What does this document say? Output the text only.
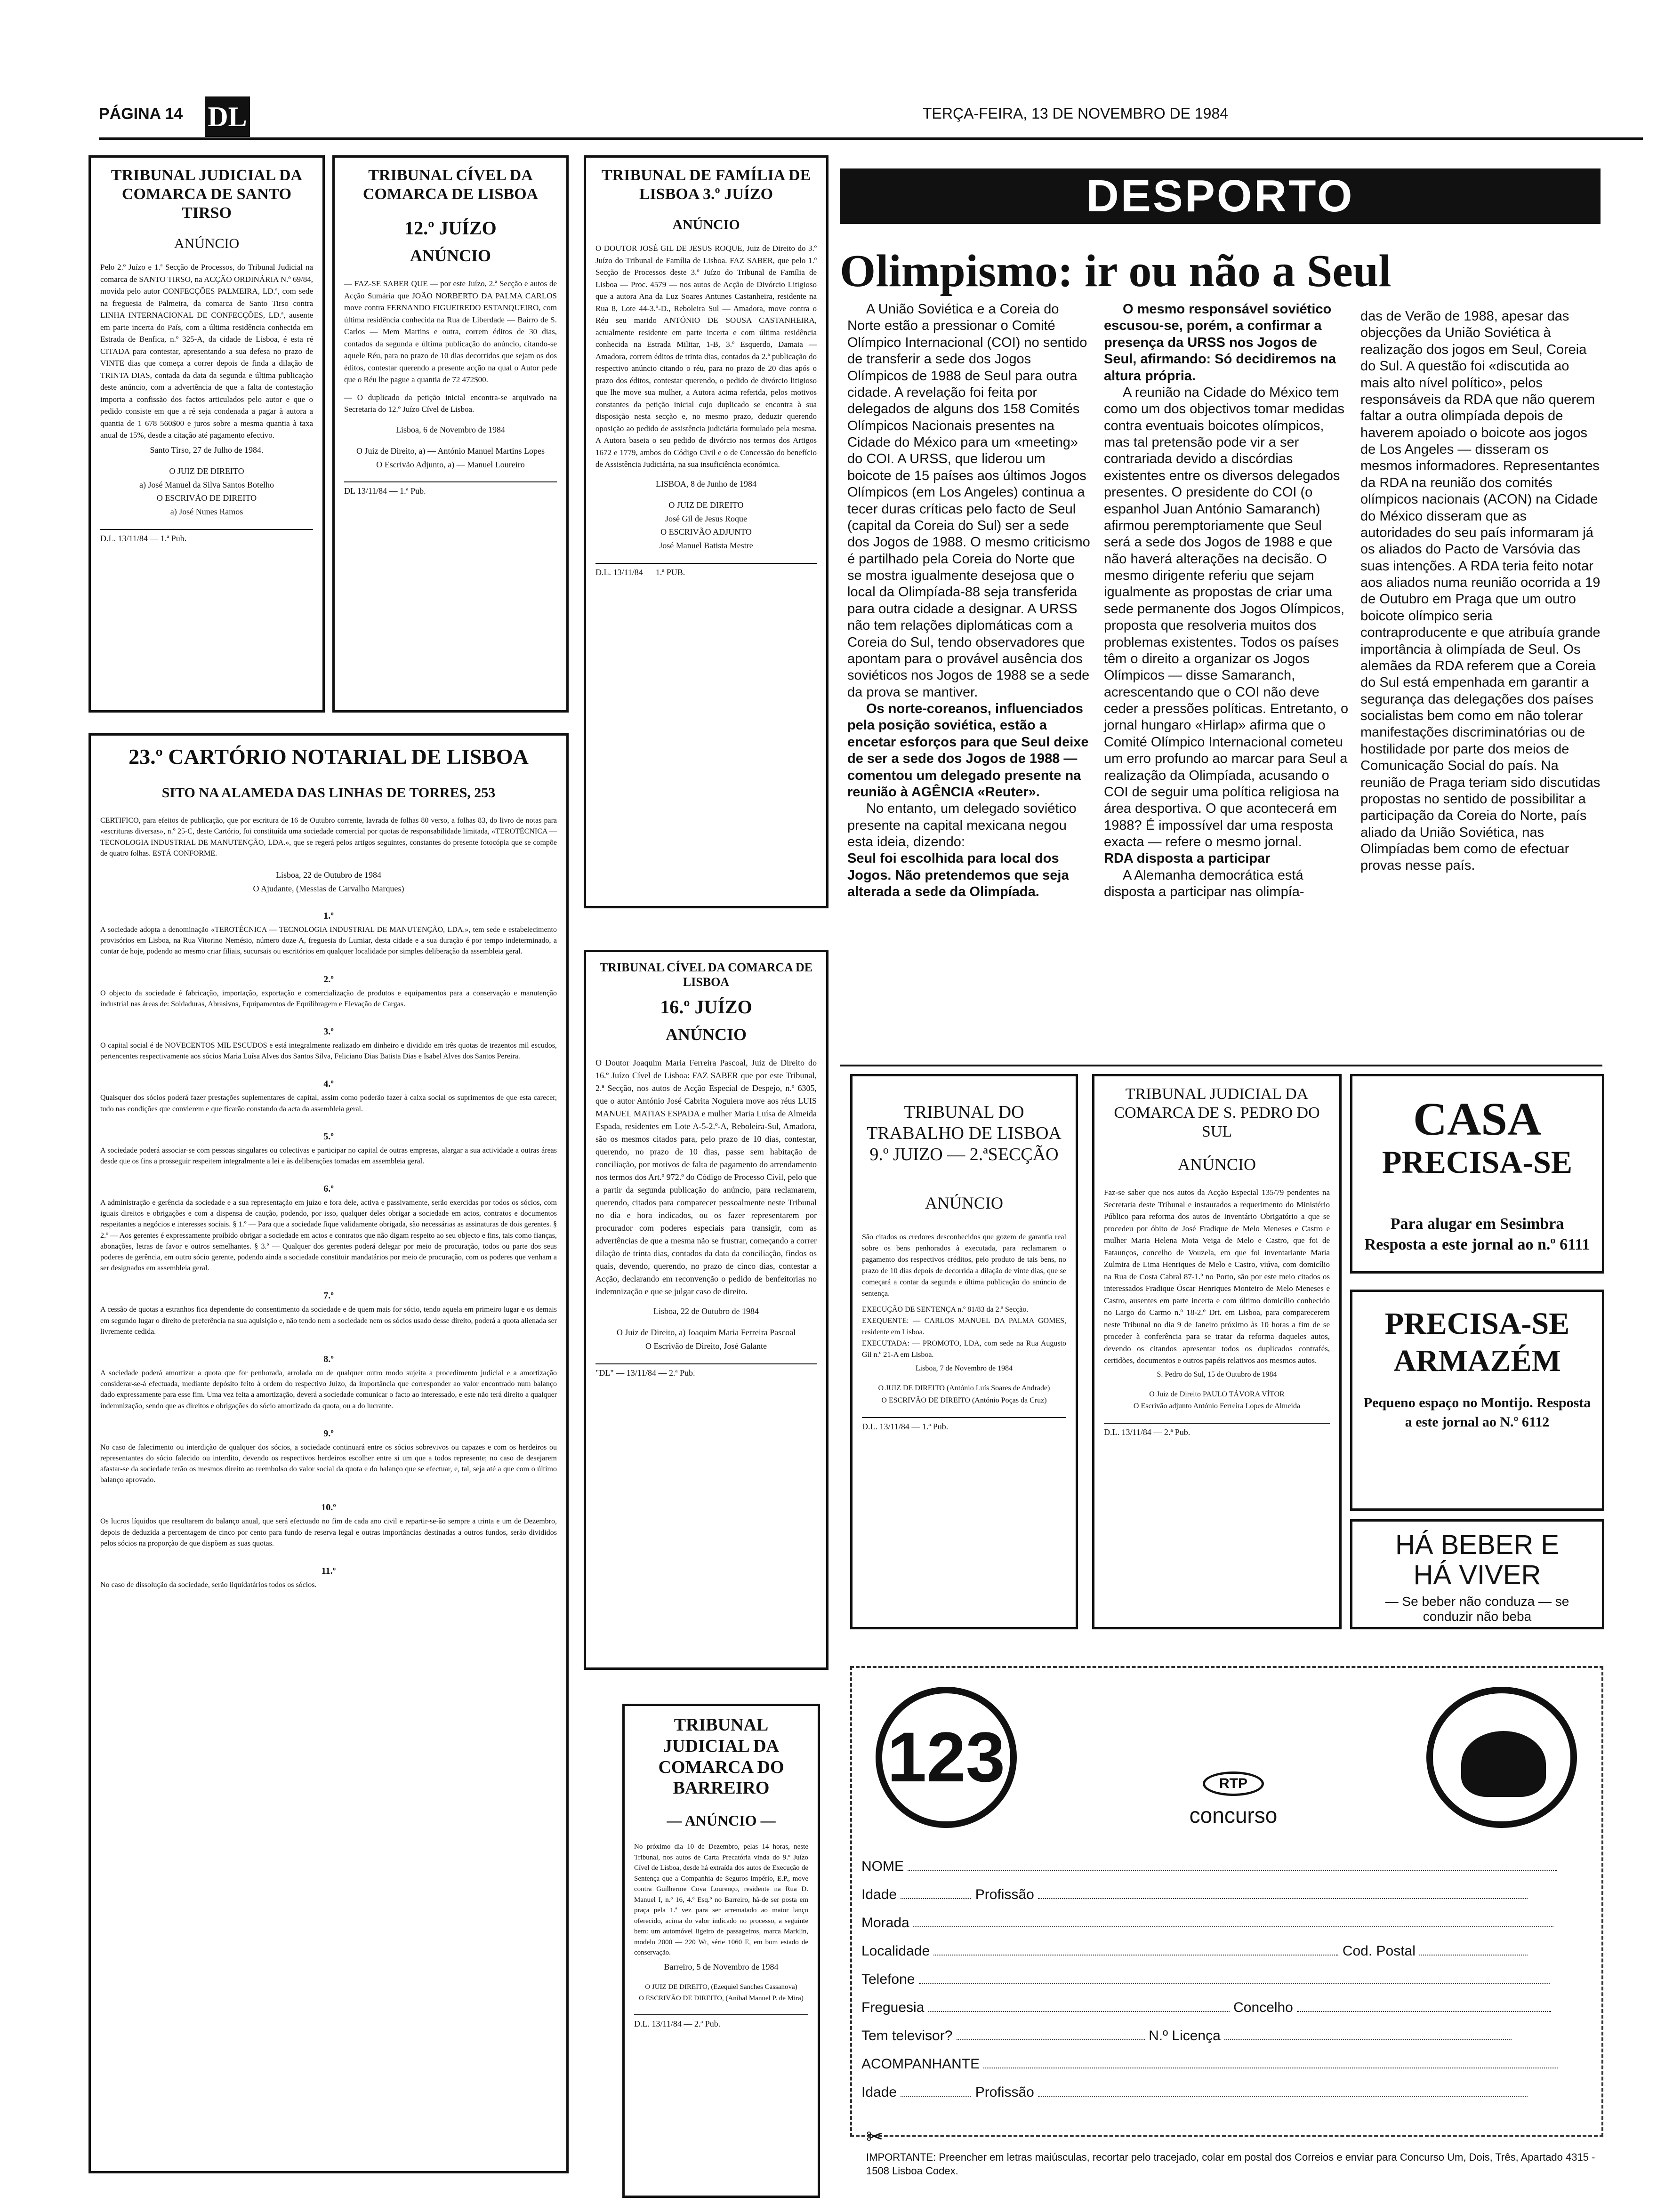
PÁGINA 14 DL	TERÇA-FEIRA, 13 DE NOVEMBRO DE 1984
TRIBUNAL JUDICIAL DA COMARCA DE SANTO TIRSO
ANÚNCIO
Pelo 2.º Juízo e 1.ª Secção de Processos, do Tribunal Judicial na comarca de SANTO TIRSO, na ACÇÃO ORDINÁRIA N.º 69/84, movida pelo autor CONFECÇÕES PALMEIRA, LD.ª, com sede na freguesia de Palmeira, da comarca de Santo Tirso contra LINHA INTERNACIONAL DE CONFECÇÕES, LD.ª, ausente em parte incerta do País, com a última residência conhecida em Estrada de Benfica, n.º 325-A, da cidade de Lisboa, é esta ré CITADA para contestar, apresentando a sua defesa no prazo de VINTE dias que começa a correr depois de finda a dilação de TRINTA DIAS, contada da data da segunda e última publicação deste anúncio, com a advertência de que a falta de contestação importa a confissão dos factos articulados pelo autor e que o pedido consiste em que a ré seja condenada a pagar à autora a quantia de 1 678 560$00 e juros sobre a mesma quantia à taxa anual de 15%, desde a citação até pagamento efectivo.
Santo Tirso, 27 de Julho de 1984.
O JUIZ DE DIREITO
a) José Manuel da Silva Santos Botelho
O ESCRIVÃO DE DIREITO
a) José Nunes Ramos
D.L. 13/11/84 — 1.ª Pub.
TRIBUNAL CÍVEL DA COMARCA DE LISBOA
12.º JUÍZO
ANÚNCIO
— FAZ-SE SABER QUE — por este Juízo, 2.ª Secção e autos de Acção Sumária que JOÃO NORBERTO DA PALMA CARLOS move contra FERNANDO FIGUEIREDO ESTANQUEIRO, com última residência conhecida na Rua de Liberdade — Bairro de S. Carlos — Mem Martins e outra, correm éditos de 30 dias, contados da segunda e última publicação do anúncio, citando-se aquele Réu, para no prazo de 10 dias decorridos que sejam os dos éditos, contestar querendo a presente acção na qual o Autor pede que o Réu lhe pague a quantia de 72 472$00.
— O duplicado da petição inicial encontra-se arquivado na Secretaria do 12.º Juízo Cível de Lisboa.
Lisboa, 6 de Novembro de 1984
O Juiz de Direito, a) — António Manuel Martins Lopes
O Escrivão Adjunto, a) — Manuel Loureiro
DL 13/11/84 — 1.ª Pub.
TRIBUNAL DE FAMÍLIA DE LISBOA 3.º JUÍZO
ANÚNCIO
O DOUTOR JOSÉ GIL DE JESUS ROQUE, Juiz de Direito do 3.º Juízo do Tribunal de Família de Lisboa. FAZ SABER, que pelo 1.º Secção de Processos deste 3.º Juízo do Tribunal de Família de Lisboa — Proc. 4579 — nos autos de Acção de Divórcio Litigioso que a autora Ana da Luz Soares Antunes Castanheira, residente na Rua 8, Lote 44-3.º-D., Reboleira Sul — Amadora, move contra o Réu seu marido ANTÓNIO DE SOUSA CASTANHEIRA, actualmente residente em parte incerta e com última residência conhecida na Estrada Militar, 1-B, 3.º Esquerdo, Damaia — Amadora, correm éditos de trinta dias, contados da 2.ª publicação do respectivo anúncio citando o réu, para no prazo de 20 dias após o prazo dos éditos, contestar querendo, o pedido de divórcio litigioso que lhe move sua mulher, a Autora acima referida, pelos motivos constantes da petição inicial cujo duplicado se encontra à sua disposição nesta secção e, no mesmo prazo, deduzir querendo oposição ao pedido de assistência judiciária formulado pela mesma. A Autora baseia o seu pedido de divórcio nos termos dos Artigos 1672 e 1779, ambos do Código Civil e o de Concessão do benefício de Assistência Judiciária, na sua insuficiência económica.
LISBOA, 8 de Junho de 1984
O JUIZ DE DIREITO
José Gil de Jesus Roque
O ESCRIVÃO ADJUNTO
José Manuel Batista Mestre
D.L. 13/11/84 — 1.ª PUB.
23.º CARTÓRIO NOTARIAL DE LISBOA
SITO NA ALAMEDA DAS LINHAS DE TORRES, 253
CERTIFICO, para efeitos de publicação, que por escritura de 16 de Outubro corrente, lavrada de folhas 80 verso, a folhas 83, do livro de notas para «escrituras diversas», n.º 25-C, deste Cartório, foi constituída uma sociedade comercial por quotas de responsabilidade limitada, «TEROTÉCNICA — TECNOLOGIA INDUSTRIAL DE MANUTENÇÃO, LDA.», que se regerá pelos artigos seguintes, constantes do presente fotocópia que se compõe de quatro folhas. ESTÁ CONFORME.
Lisboa, 22 de Outubro de 1984
O Ajudante, (Messias de Carvalho Marques)
1.º
A sociedade adopta a denominação «TEROTÉCNICA — TECNOLOGIA INDUSTRIAL DE MANUTENÇÃO, LDA.», tem sede e estabelecimento provisórios em Lisboa, na Rua Vitorino Nemésio, número doze-A, freguesia do Lumiar, desta cidade e a sua duração é por tempo indeterminado, a contar de hoje, podendo ao mesmo criar filiais, sucursais ou escritórios em qualquer localidade por simples deliberação da assembleia geral.
2.º
O objecto da sociedade é fabricação, importação, exportação e comercialização de produtos e equipamentos para a conservação e manutenção industrial nas áreas de: Soldaduras, Abrasivos, Equipamentos de Equilibragem e Elevação de Cargas.
3.º
O capital social é de NOVECENTOS MIL ESCUDOS e está integralmente realizado em dinheiro e dividido em três quotas de trezentos mil escudos, pertencentes respectivamente aos sócios Maria Luísa Alves dos Santos Silva, Feliciano Dias Batista Dias e Isabel Alves dos Santos Pereira.
4.º
Quaisquer dos sócios poderá fazer prestações suplementares de capital, assim como poderão fazer à caixa social os suprimentos de que esta carecer, tudo nas condições que convierem e que ficarão constando da acta da assembleia geral.
5.º
A sociedade poderá associar-se com pessoas singulares ou colectivas e participar no capital de outras empresas, alargar a sua actividade a outras áreas desde que os fins a prosseguir respeitem integralmente a lei e às deliberações tomadas em assembleia geral.
6.º
A administração e gerência da sociedade e a sua representação em juízo e fora dele, activa e passivamente, serão exercidas por todos os sócios, com iguais direitos e obrigações e com a dispensa de caução, podendo, por isso, qualquer deles obrigar a sociedade em actos, contratos e documentos respeitantes a negócios e interesses sociais. § 1.º — Para que a sociedade fique validamente obrigada, são necessárias as assinaturas de dois gerentes. § 2.º — Aos gerentes é expressamente proibido obrigar a sociedade em actos e contratos que não digam respeito ao seu objecto e fins, tais como fianças, abonações, letras de favor e outros semelhantes. § 3.º — Qualquer dos gerentes poderá delegar por meio de procuração, todos ou parte dos seus poderes de gerência, em outro sócio gerente, podendo ainda a sociedade constituir mandatários por meio de procuração, com os poderes que venham a ser designados em assembleia geral.
7.º
A cessão de quotas a estranhos fica dependente do consentimento da sociedade e de quem mais for sócio, tendo aquela em primeiro lugar e os demais em segundo lugar o direito de preferência na sua aquisição e, não tendo nem a sociedade nem os sócios usado desse direito, poderá a quota alienada ser livremente cedida.
8.º
A sociedade poderá amortizar a quota que for penhorada, arrolada ou de qualquer outro modo sujeita a procedimento judicial e a amortização considerar-se-á efectuada, mediante depósito feito à ordem do respectivo Juízo, da importância que corresponder ao valor encontrado num balanço dado expressamente para esse fim. Uma vez feita a amortização, deverá a sociedade comunicar o facto ao interessado, e este não terá direito a qualquer indemnização, sendo que as direitos e obrigações do sócio amortizado da quota, ou a do lucrante.
9.º
No caso de falecimento ou interdição de qualquer dos sócios, a sociedade continuará entre os sócios sobrevivos ou capazes e com os herdeiros ou representantes do sócio falecido ou interdito, devendo os respectivos herdeiros escolher entre si um que a todos represente; no caso de desejarem afastar-se da sociedade terão os mesmos direito ao reembolso do valor social da quota e do balanço que se efectuar, e, tal, seja até a que com o último balanço aprovado.
10.º
Os lucros líquidos que resultarem do balanço anual, que será efectuado no fim de cada ano civil e repartir-se-ão sempre a trinta e um de Dezembro, depois de deduzida a percentagem de cinco por cento para fundo de reserva legal e outras importâncias destinadas a outros fundos, serão divididos pelos sócios na proporção de que dispõem as suas quotas.
11.º
No caso de dissolução da sociedade, serão liquidatários todos os sócios.
TRIBUNAL CÍVEL DA COMARCA DE LISBOA
16.º JUÍZO
ANÚNCIO
O Doutor Joaquim Maria Ferreira Pascoal, Juiz de Direito do 16.º Juízo Cível de Lisboa: FAZ SABER que por este Tribunal, 2.ª Secção, nos autos de Acção Especial de Despejo, n.º 6305, que o autor António José Cabrita Noguiera move aos réus LUIS MANUEL MATIAS ESPADA e mulher Maria Luísa de Almeida Espada, residentes em Lote A-5-2.º-A, Reboleira-Sul, Amadora, são os mesmos citados para, pelo prazo de 10 dias, contestar, querendo, no prazo de 10 dias, passe sem habitação de conciliação, por motivos de falta de pagamento do arrendamento nos termos dos Art.º 972.º do Código de Processo Civil, pelo que a partir da segunda publicação do anúncio, para reclamarem, querendo, citados para comparecer pessoalmente neste Tribunal no dia e hora indicados, ou os fazer representarem por procurador com poderes especiais para transigir, com as advertências de que a mesma não se frustrar, começando a correr dilação de trinta dias, contados da data da conciliação, findos os quais, devendo, querendo, no prazo de cinco dias, contestar a Acção, declarando em reconvenção o pedido de benfeitorias no indemnização e que se julgar caso de direito.
Lisboa, 22 de Outubro de 1984
O Juiz de Direito, a) Joaquim Maria Ferreira Pascoal
O Escrivão de Direito, José Galante
"DL" — 13/11/84 — 2.ª Pub.
TRIBUNAL JUDICIAL DA COMARCA DO BARREIRO
— ANÚNCIO —
No próximo dia 10 de Dezembro, pelas 14 horas, neste Tribunal, nos autos de Carta Precatória vinda do 9.º Juízo Cível de Lisboa, desde há extraída dos autos de Execução de Sentença que a Companhia de Seguros Império, E.P., move contra Guilherme Cova Lourenço, residente na Rua D. Manuel I, n.º 16, 4.º Esq.º no Barreiro, há-de ser posta em praça pela 1.ª vez para ser arrematado ao maior lanço oferecido, acima do valor indicado no processo, a seguinte bem: um automóvel ligeiro de passageiros, marca Marklin, modelo 2000 — 220 Wt, série 1060 E, em bom estado de conservação.
Barreiro, 5 de Novembro de 1984
O JUIZ DE DIREITO, (Ezequiel Sanches Cassanova)
O ESCRIVÃO DE DIREITO, (Aníbal Manuel P. de Mira)
D.L. 13/11/84 — 2.ª Pub.
DESPORTO
Olimpismo: ir ou não a Seul

A União Soviética e a Coreia do Norte estão a pressionar o Comité Olímpico Internacional (COI) no sentido de transferir a sede dos Jogos Olímpicos de 1988 de Seul para outra cidade. A revelação foi feita por delegados de alguns dos 158 Comités Olímpicos Nacionais presentes na Cidade do México para um «meeting» do COI. A URSS, que liderou um boicote de 15 países aos últimos Jogos Olímpicos (em Los Angeles) continua a tecer duras críticas pelo facto de Seul (capital da Coreia do Sul) ser a sede dos Jogos de 1988. O mesmo criticismo é partilhado pela Coreia do Norte que se mostra igualmente desejosa que o local da Olimpíada-88 seja transferida para outra cidade a designar. A URSS não tem relações diplomáticas com a Coreia do Sul, tendo observadores que apontam para o provável ausência dos soviéticos nos Jogos de 1988 se a sede da prova se mantiver.

Os norte-coreanos, influenciados pela posição soviética, estão a encetar esforços para que Seul deixe de ser a sede dos Jogos de 1988 — comentou um delegado presente na reunião à AGÊNCIA «Reuter».

No entanto, um delegado soviético presente na capital mexicana negou esta ideia, dizendo:

Seul foi escolhida para local dos Jogos. Não pretendemos que seja alterada a sede da Olimpíada.

O mesmo responsável soviético escusou-se, porém, a confirmar a presença da URSS nos Jogos de Seul, afirmando: Só decidiremos na altura própria.

A reunião na Cidade do México tem como um dos objectivos tomar medidas contra eventuais boicotes olímpicos, mas tal pretensão pode vir a ser contrariada devido a discórdias existentes entre os diversos delegados presentes. O presidente do COI (o espanhol Juan António Samaranch) afirmou peremptoriamente que Seul será a sede dos Jogos de 1988 e que não haverá alterações na decisão. O mesmo dirigente referiu que sejam igualmente as propostas de criar uma sede permanente dos Jogos Olímpicos, proposta que resolveria muitos dos problemas existentes. Todos os países têm o direito a organizar os Jogos Olímpicos — disse Samaranch, acrescentando que o COI não deve ceder a pressões políticas. Entretanto, o jornal hungaro «Hirlap» afirma que o Comité Olímpico Internacional cometeu um erro profundo ao marcar para Seul a realização da Olimpíada, acusando o COI de seguir uma política religiosa na área desportiva. O que acontecerá em 1988? É impossível dar uma resposta exacta — refere o mesmo jornal.

RDA disposta a participar

A Alemanha democrática está disposta a participar nas olimpía-

das de Verão de 1988, apesar das objecções da União Soviética à realização dos jogos em Seul, Coreia do Sul. A questão foi «discutida ao mais alto nível político», pelos responsáveis da RDA que não querem faltar a outra olimpíada depois de haverem apoiado o boicote aos jogos de Los Angeles — disseram os mesmos informadores. Representantes da RDA na reunião dos comités olímpicos nacionais (ACON) na Cidade do México disseram que as autoridades do seu país informaram já os aliados do Pacto de Varsóvia das suas intenções. A RDA teria feito notar aos aliados numa reunião ocorrida a 19 de Outubro em Praga que um outro boicote olímpico seria contraproducente e que atribuía grande importância à olimpíada de Seul. Os alemães da RDA referem que a Coreia do Sul está empenhada em garantir a segurança das delegações dos países socialistas bem como em não tolerar manifestações discriminatórias ou de hostilidade por parte dos meios de Comunicação Social do país. Na reunião de Praga teriam sido discutidas propostas no sentido de possibilitar a participação da Coreia do Norte, país aliado da União Soviética, nas Olimpíadas bem como de efectuar provas nesse país.

TRIBUNAL DO TRABALHO DE LISBOA 9.º JUIZO — 2.ªSECÇÃO
ANÚNCIO
São citados os credores desconhecidos que gozem de garantia real sobre os bens penhorados à executada, para reclamarem o pagamento dos respectivos créditos, pelo produto de tais bens, no prazo de 10 dias depois de decorrida a dilação de vinte dias, que se começará a contar da segunda e última publicação do anúncio de sentença.
EXECUÇÃO DE SENTENÇA n.º 81/83 da 2.ª Secção.
EXEQUENTE: — CARLOS MANUEL DA PALMA GOMES, residente em Lisboa.
EXECUTADA: — PROMOTO, LDA, com sede na Rua Augusto Gil n.º 21-A em Lisboa.
Lisboa, 7 de Novembro de 1984
O JUIZ DE DIREITO (António Luís Soares de Andrade)
O ESCRIVÃO DE DIREITO (António Poças da Cruz)
D.L. 13/11/84 — 1.ª Pub.
TRIBUNAL JUDICIAL DA COMARCA DE S. PEDRO DO SUL
ANÚNCIO
Faz-se saber que nos autos da Acção Especial 135/79 pendentes na Secretaria deste Tribunal e instaurados a requerimento do Ministério Público para reforma dos autos de Inventário Obrigatório a que se procedeu por óbito de José Fradique de Melo Meneses e Castro e mulher Maria Helena Mota Veiga de Melo e Castro, que foi de Fataunços, concelho de Vouzela, em que foi inventariante Maria Zulmira de Lima Henriques de Melo e Castro, viúva, com domicílio na Rua de Costa Cabral 87-1.º no Porto, são por este meio citados os interessados Fradique Óscar Henriques Monteiro de Melo Meneses e Castro, ausentes em parte incerta e com último domicílio conhecido no Largo do Carmo n.º 18-2.º Drt. em Lisboa, para comparecerem neste Tribunal no dia 9 de Janeiro próximo às 10 horas a fim de se proceder à conferência para se tratar da reforma daqueles autos, devendo os citandos apresentar todos os duplicados contrafés, certidões, documentos e outros papéis relativos aos mesmos autos.
S. Pedro do Sul, 15 de Outubro de 1984
O Juiz de Direito PAULO TÁVORA VÍTOR
O Escrivão adjunto António Ferreira Lopes de Almeida
D.L. 13/11/84 — 2.ª Pub.
CASA
PRECISA-SE
Para alugar em Sesimbra Resposta a este jornal ao n.º 6111
PRECISA-SE ARMAZÉM
Pequeno espaço no Montijo. Resposta a este jornal ao N.º 6112
HÁ BEBER E
HÁ VIVER
— Se beber não conduza — se conduzir não beba
123	RTP
concurso
NOME
Idade	Profissão
Morada
Localidade	Cod. Postal
Telefone
Freguesia	Concelho
Tem televisor?	N.º Licença
ACOMPANHANTE
Idade	Profissão
✂
IMPORTANTE: Preencher em letras maiúsculas, recortar pelo tracejado, colar em postal dos Correios e enviar para Concurso Um, Dois, Três, Apartado 4315 - 1508 Lisboa Codex.
